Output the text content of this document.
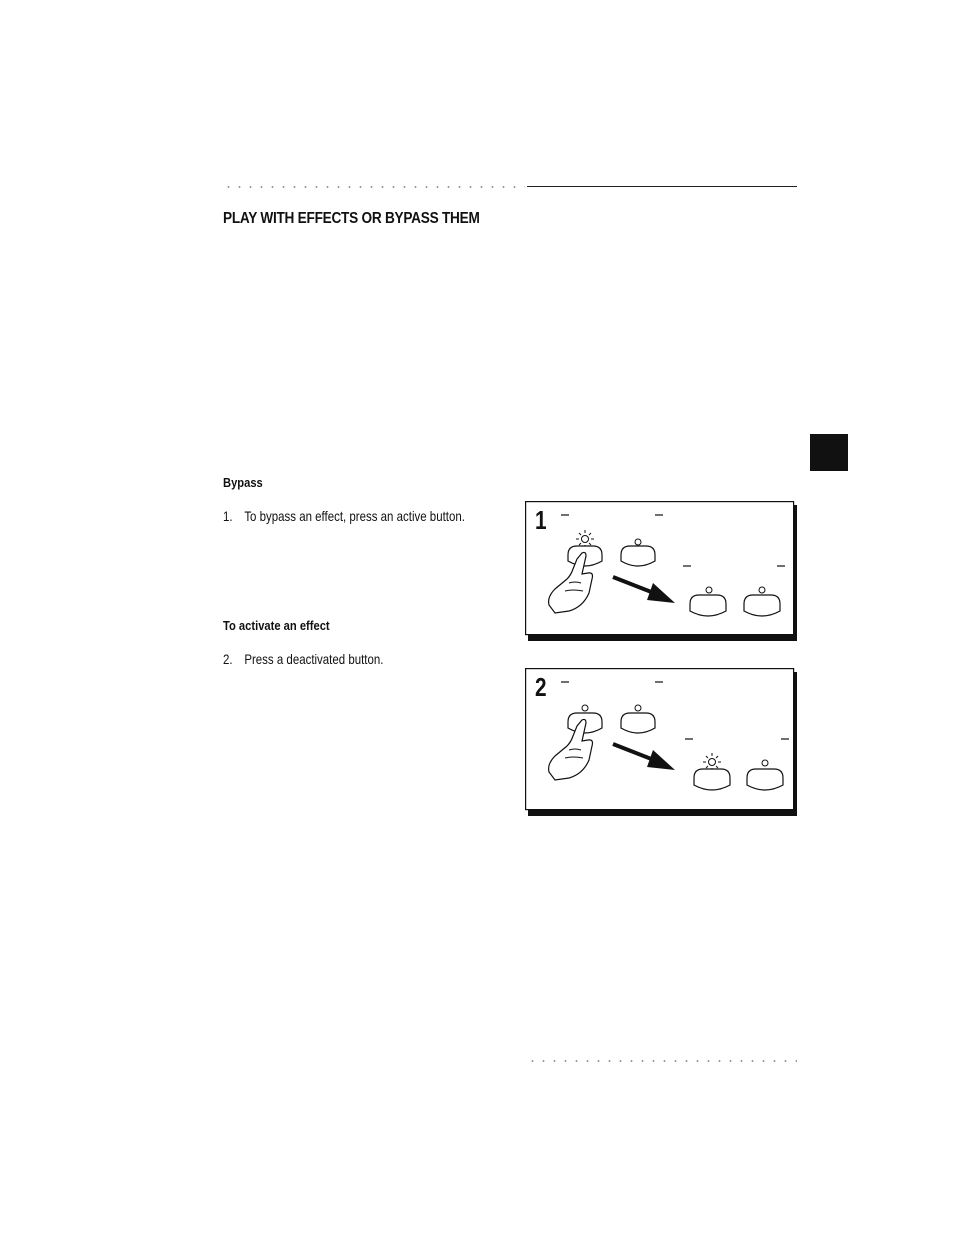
PLAY WITH EFFECTS OR BYPASS THEM
Bypass
1. To bypass an effect, press an active button.
To activate an effect
2. Press a deactivated button.
1
2
